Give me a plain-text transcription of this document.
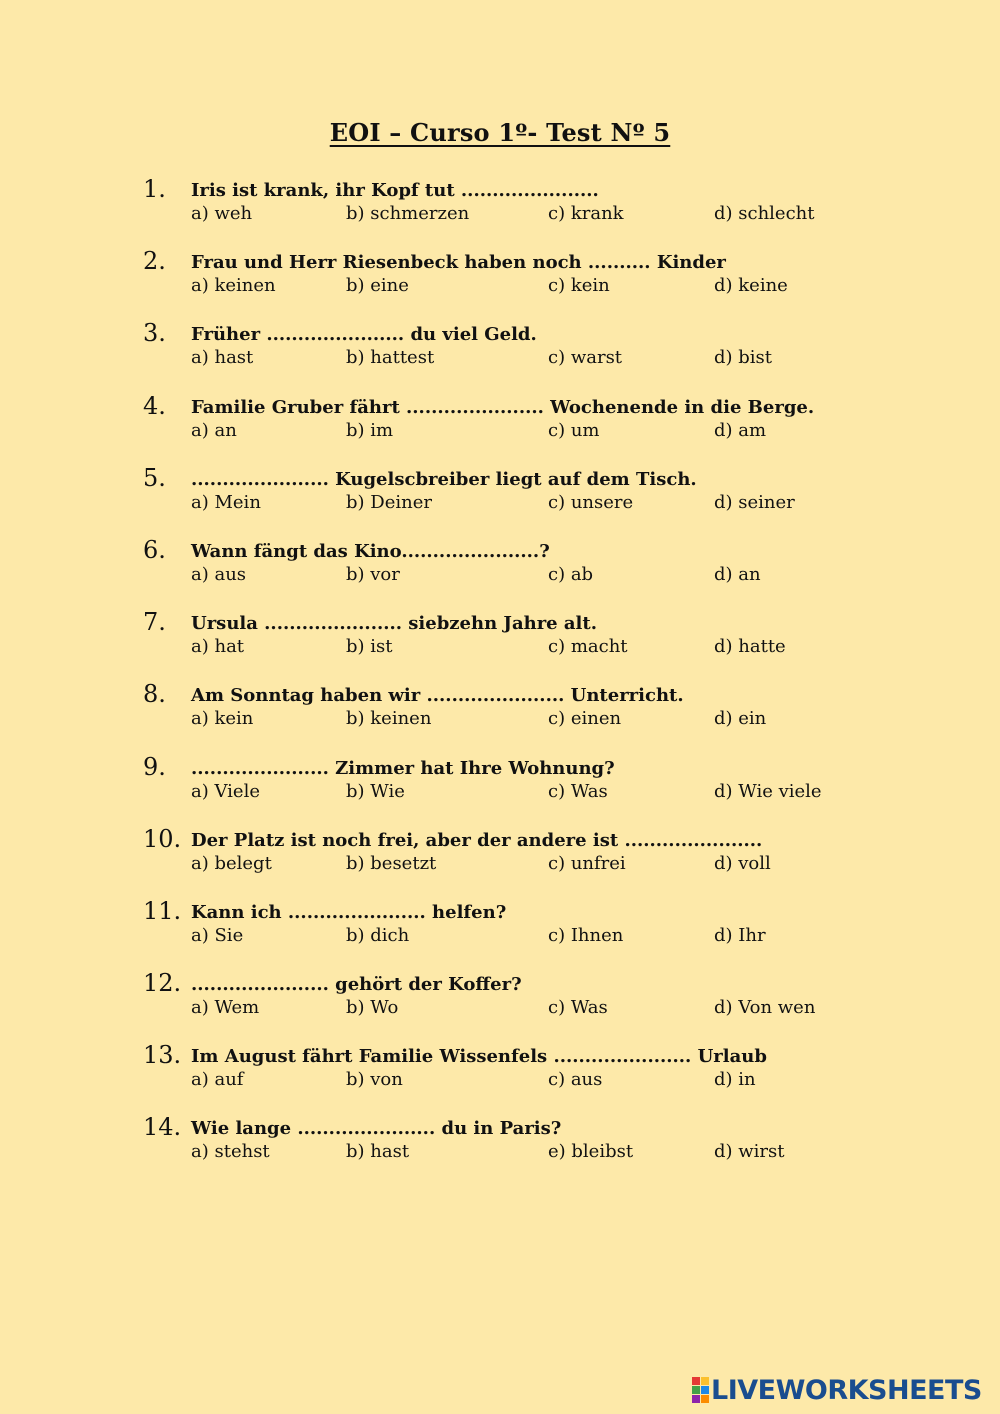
EOI – Curso 1º- Test Nº 5
1. Iris ist krank, ihr Kopf tut ......................
a) weh	b) schmerzen	c) krank	d) schlecht
2. Frau und Herr Riesenbeck haben noch .......... Kinder
a) keinen	b) eine	c) kein	d) keine
3. Früher ...................... du viel Geld.
a) hast	b) hattest	c) warst	d) bist
4. Familie Gruber fährt ...................... Wochenende in die Berge.
a) an	b) im	c) um	d) am
5. ...................... Kugelscbreiber liegt auf dem Tisch.
a) Mein	b) Deiner	c) unsere	d) seiner
6. Wann fängt das Kino......................?
a) aus	b) vor	c) ab	d) an
7. Ursula ...................... siebzehn Jahre alt.
a) hat	b) ist	c) macht	d) hatte
8. Am Sonntag haben wir ...................... Unterricht.
a) kein	b) keinen	c) einen	d) ein
9. ...................... Zimmer hat Ihre Wohnung?
a) Viele	b) Wie	c) Was	d) Wie viele
10. Der Platz ist noch frei, aber der andere ist ......................
a) belegt	b) besetzt	c) unfrei	d) voll
11. Kann ich ...................... helfen?
a) Sie	b) dich	c) Ihnen	d) Ihr
12. ...................... gehört der Koffer?
a) Wem	b) Wo	c) Was	d) Von wen
13. Im August fährt Familie Wissenfels ...................... Urlaub
a) auf	b) von	c) aus	d) in
14. Wie lange ...................... du in Paris?
a) stehst	b) hast	e) bleibst	d) wirst
LIVEWORKSHEETS
